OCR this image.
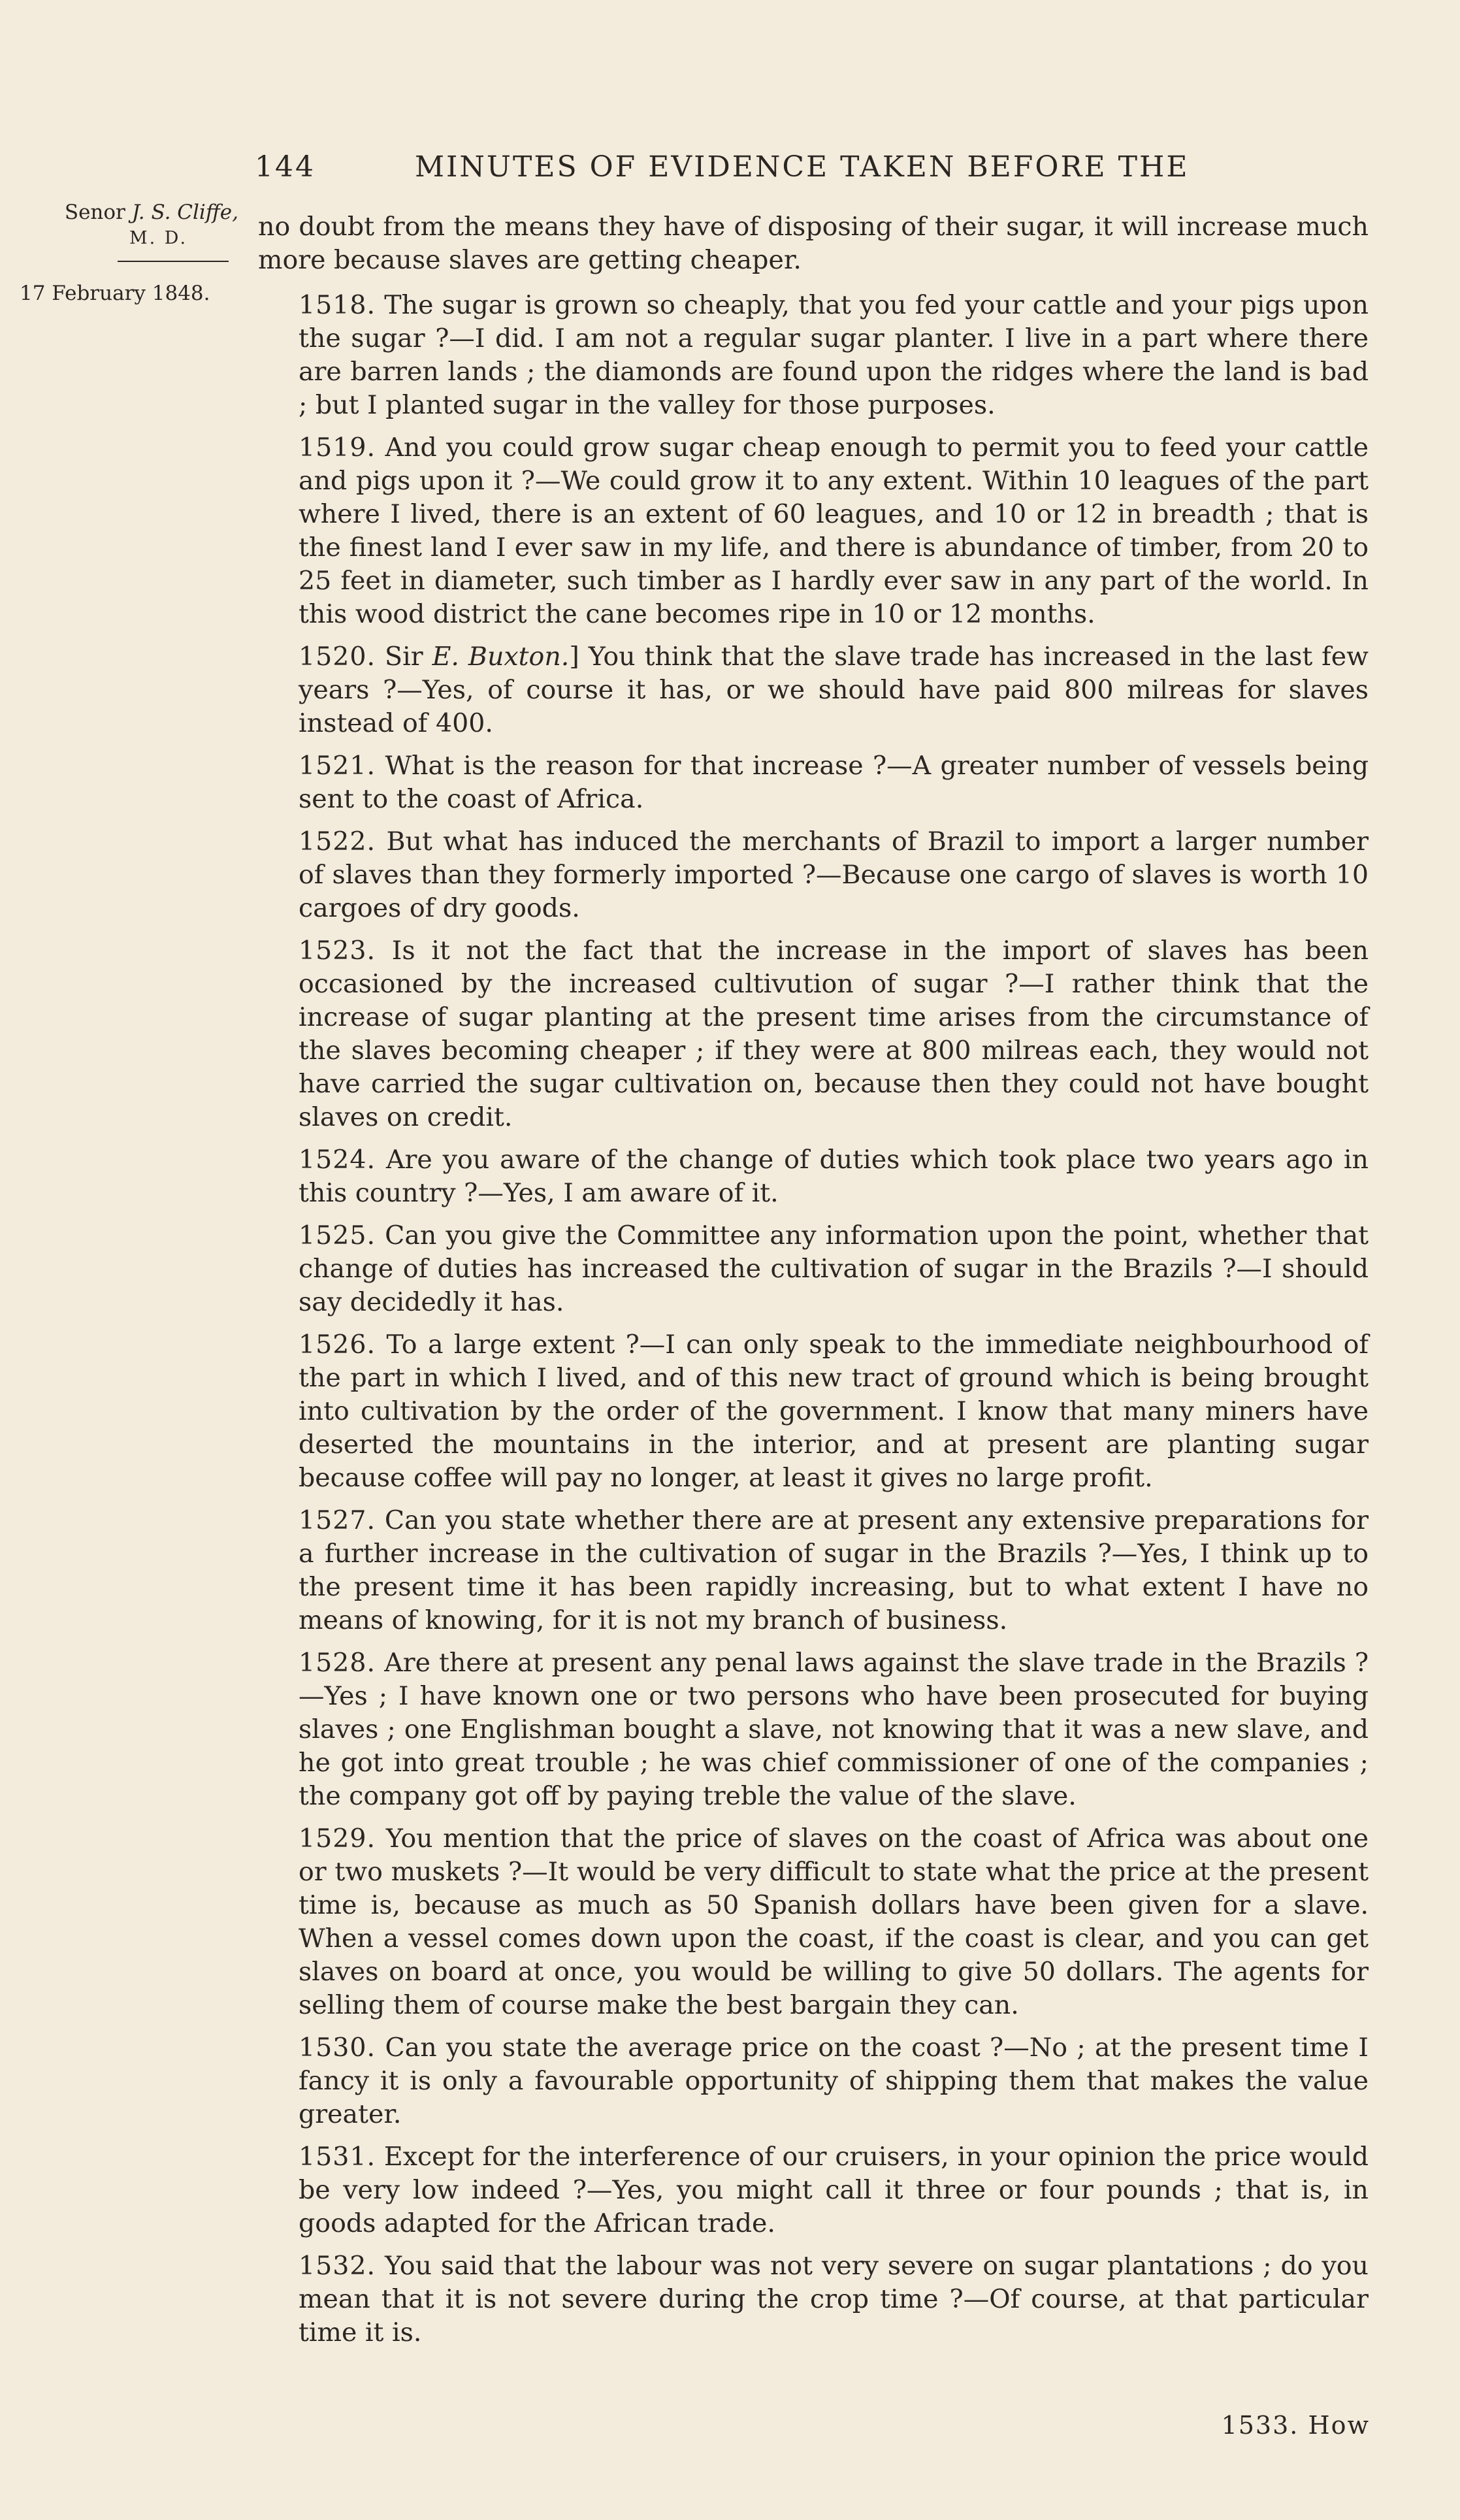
144	MINUTES OF EVIDENCE TAKEN BEFORE THE
Senor J. S. Cliffe,
M. D.
17 February 1848.

no doubt from the means they have of disposing of their sugar, it will increase much more because slaves are getting cheaper.

1518. The sugar is grown so cheaply, that you fed your cattle and your pigs upon the sugar ?—I did. I am not a regular sugar planter. I live in a part where there are barren lands ; the diamonds are found upon the ridges where the land is bad ; but I planted sugar in the valley for those purposes.

1519. And you could grow sugar cheap enough to permit you to feed your cattle and pigs upon it ?—We could grow it to any extent. Within 10 leagues of the part where I lived, there is an extent of 60 leagues, and 10 or 12 in breadth ; that is the finest land I ever saw in my life, and there is abundance of timber, from 20 to 25 feet in diameter, such timber as I hardly ever saw in any part of the world. In this wood district the cane becomes ripe in 10 or 12 months.

1520. Sir E. Buxton.] You think that the slave trade has increased in the last few years ?—Yes, of course it has, or we should have paid 800 milreas for slaves instead of 400.

1521. What is the reason for that increase ?—A greater number of vessels being sent to the coast of Africa.

1522. But what has induced the merchants of Brazil to import a larger number of slaves than they formerly imported ?—Because one cargo of slaves is worth 10 cargoes of dry goods.

1523. Is it not the fact that the increase in the import of slaves has been occasioned by the increased cultivution of sugar ?—I rather think that the increase of sugar planting at the present time arises from the circumstance of the slaves becoming cheaper ; if they were at 800 milreas each, they would not have carried the sugar cultivation on, because then they could not have bought slaves on credit.

1524. Are you aware of the change of duties which took place two years ago in this country ?—Yes, I am aware of it.

1525. Can you give the Committee any information upon the point, whether that change of duties has increased the cultivation of sugar in the Brazils ?—I should say decidedly it has.

1526. To a large extent ?—I can only speak to the immediate neighbourhood of the part in which I lived, and of this new tract of ground which is being brought into cultivation by the order of the government. I know that many miners have deserted the mountains in the interior, and at present are planting sugar because coffee will pay no longer, at least it gives no large profit.

1527. Can you state whether there are at present any extensive preparations for a further increase in the cultivation of sugar in the Brazils ?—Yes, I think up to the present time it has been rapidly increasing, but to what extent I have no means of knowing, for it is not my branch of business.

1528. Are there at present any penal laws against the slave trade in the Brazils ?—Yes ; I have known one or two persons who have been prosecuted for buying slaves ; one Englishman bought a slave, not knowing that it was a new slave, and he got into great trouble ; he was chief commissioner of one of the companies ; the company got off by paying treble the value of the slave.

1529. You mention that the price of slaves on the coast of Africa was about one or two muskets ?—It would be very difficult to state what the price at the present time is, because as much as 50 Spanish dollars have been given for a slave. When a vessel comes down upon the coast, if the coast is clear, and you can get slaves on board at once, you would be willing to give 50 dollars. The agents for selling them of course make the best bargain they can.

1530. Can you state the average price on the coast ?—No ; at the present time I fancy it is only a favourable opportunity of shipping them that makes the value greater.

1531. Except for the interference of our cruisers, in your opinion the price would be very low indeed ?—Yes, you might call it three or four pounds ; that is, in goods adapted for the African trade.

1532. You said that the labour was not very severe on sugar plantations ; do you mean that it is not severe during the crop time ?—Of course, at that particular time it is.

1533. How
